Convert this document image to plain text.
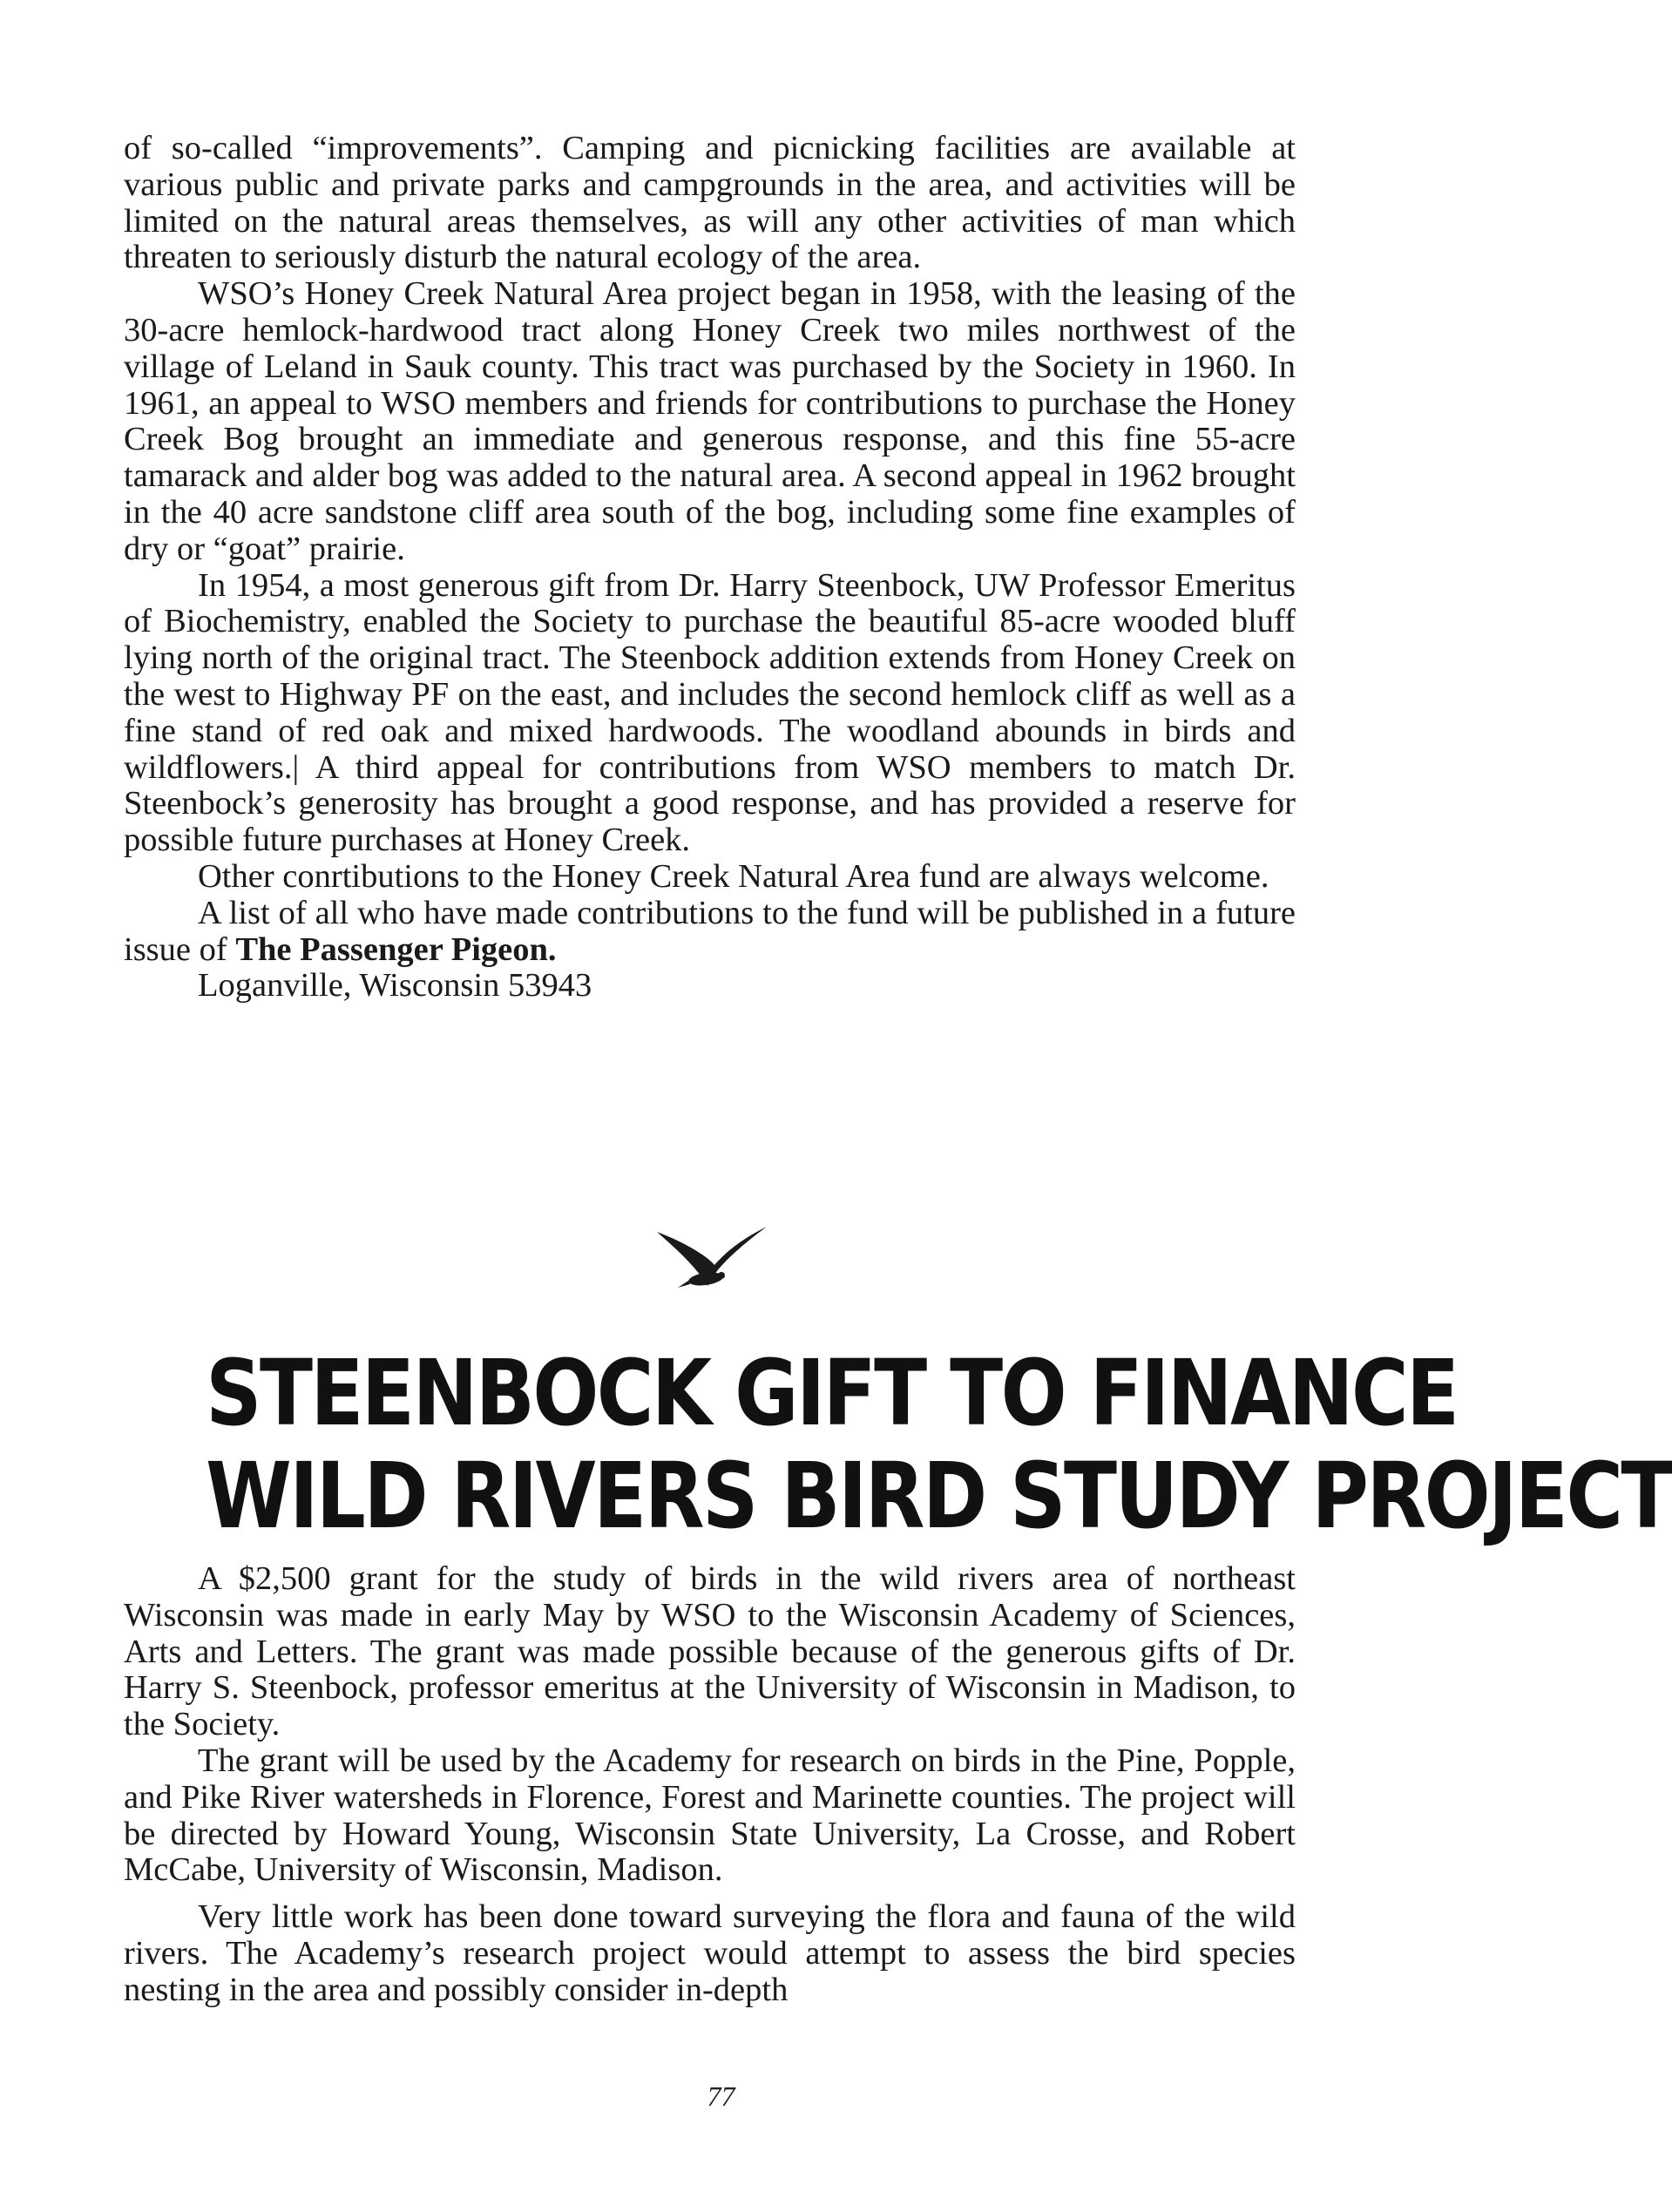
of so-called “improvements”. Camping and picnicking facilities are available at various public and private parks and campgrounds in the area, and activities will be limited on the natural areas themselves, as will any other activities of man which threaten to seriously disturb the natural ecology of the area.

WSO’s Honey Creek Natural Area project began in 1958, with the leasing of the 30-acre hemlock-hardwood tract along Honey Creek two miles northwest of the village of Leland in Sauk county. This tract was purchased by the Society in 1960. In 1961, an appeal to WSO members and friends for contributions to purchase the Honey Creek Bog brought an immediate and generous response, and this fine 55-acre tamarack and alder bog was added to the natural area. A second appeal in 1962 brought in the 40 acre sandstone cliff area south of the bog, including some fine examples of dry or “goat” prairie.

In 1954, a most generous gift from Dr. Harry Steenbock, UW Professor Emeritus of Biochemistry, enabled the Society to purchase the beautiful 85-acre wooded bluff lying north of the original tract. The Steenbock addition extends from Honey Creek on the west to Highway PF on the east, and includes the second hemlock cliff as well as a fine stand of red oak and mixed hardwoods. The woodland abounds in birds and wildflowers.| A third appeal for contributions from WSO members to match Dr. Steenbock’s generosity has brought a good response, and has provided a reserve for possible future purchases at Honey Creek.

Other conrtibutions to the Honey Creek Natural Area fund are always welcome.

A list of all who have made contributions to the fund will be published in a future issue of The Passenger Pigeon.

Loganville, Wisconsin 53943

STEENBOCK GIFT TO FINANCE
WILD RIVERS BIRD STUDY PROJECT

A $2,500 grant for the study of birds in the wild rivers area of northeast Wisconsin was made in early May by WSO to the Wisconsin Academy of Sciences, Arts and Letters. The grant was made possible because of the generous gifts of Dr. Harry S. Steenbock, professor emeritus at the University of Wisconsin in Madison, to the Society.

The grant will be used by the Academy for research on birds in the Pine, Popple, and Pike River watersheds in Florence, Forest and Marinette counties. The project will be directed by Howard Young, Wisconsin State University, La Crosse, and Robert McCabe, University of Wisconsin, Madison.

Very little work has been done toward surveying the flora and fauna of the wild rivers. The Academy’s research project would attempt to assess the bird species nesting in the area and possibly consider in-depth

77
